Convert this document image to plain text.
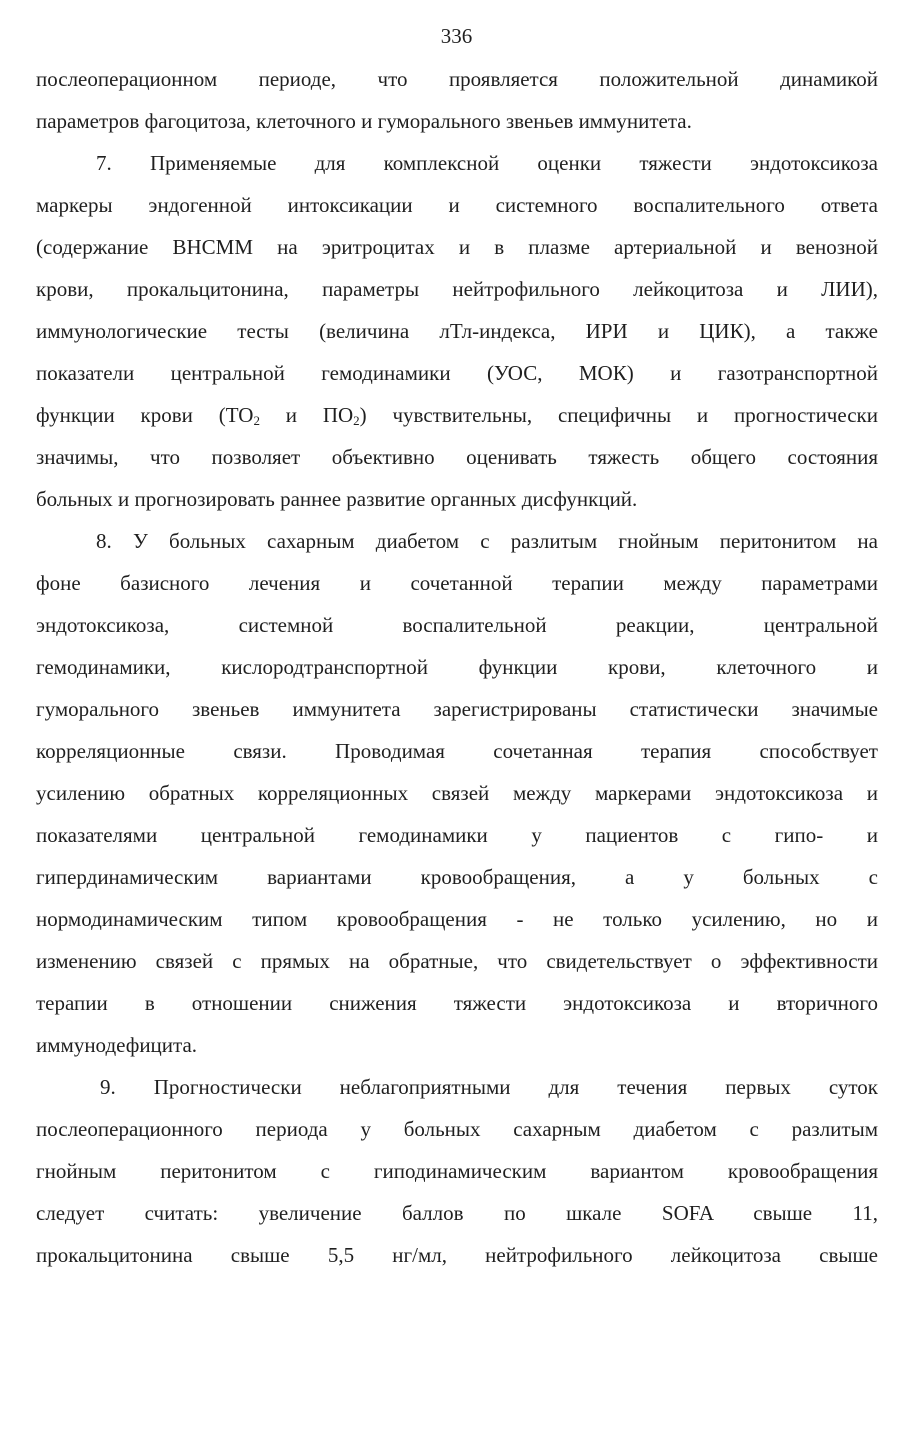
336
послеоперационном периоде, что проявляется положительной динамикой
параметров фагоцитоза, клеточного и гуморального звеньев иммунитета.
7. Применяемые для комплексной оценки тяжести эндотоксикоза
маркеры эндогенной интоксикации и системного воспалительного ответа
(содержание ВНСММ на эритроцитах и в плазме артериальной и венозной
крови, прокальцитонина, параметры нейтрофильного лейкоцитоза и ЛИИ),
иммунологические тесты (величина лТл-индекса, ИРИ и ЦИК), а также
показатели центральной гемодинамики (УОС, МОК) и газотранспортной
функции крови ($ТО_2$ и $ПО_2$) чувствительны, специфичны и прогностически
значимы, что позволяет объективно оценивать тяжесть общего состояния
больных и прогнозировать раннее развитие органных дисфункций.
8. У больных сахарным диабетом с разлитым гнойным перитонитом на
фоне базисного лечения и сочетанной терапии между параметрами
эндотоксикоза, системной воспалительной реакции, центральной
гемодинамики, кислородтранспортной функции крови, клеточного и
гуморального звеньев иммунитета зарегистрированы статистически значимые
корреляционные связи. Проводимая сочетанная терапия способствует
усилению обратных корреляционных связей между маркерами эндотоксикоза и
показателями центральной гемодинамики у пациентов с гипо- и
гипердинамическим вариантами кровообращения, а у больных с
нормодинамическим типом кровообращения - не только усилению, но и
изменению связей с прямых на обратные, что свидетельствует о эффективности
терапии в отношении снижения тяжести эндотоксикоза и вторичного
иммунодефицита.
9. Прогностически неблагоприятными для течения первых суток
послеоперационного периода у больных сахарным диабетом с разлитым
гнойным перитонитом с гиподинамическим вариантом кровообращения
следует считать: увеличение баллов по шкале SOFA свыше 11,
прокальцитонина свыше 5,5 нг/мл, нейтрофильного лейкоцитоза свыше
